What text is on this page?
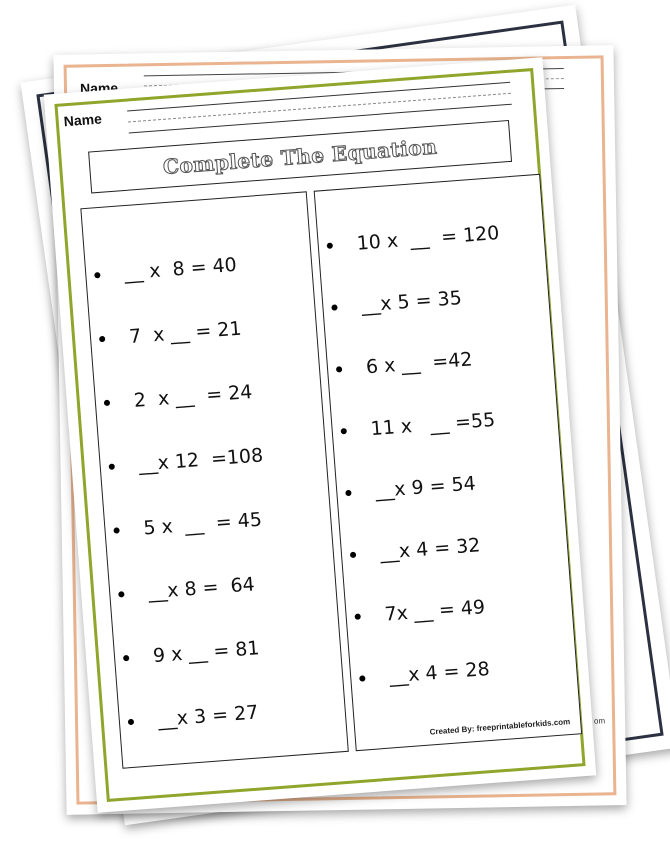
Name
om
Name
Complete The Equation
__ x  8 = 40
7  x __ = 21
2  x __  = 24
__x 12  =108
5 x  __  = 45
__x 8 =  64
9 x __ = 81
__x 3 = 27
10 x  __  = 120
__x 5 = 35
6 x __  =42
11 x   __ =55
__x 9 = 54
__x 4 = 32
7x __ = 49
__x 4 = 28
Created By: freeprintableforkids.com
